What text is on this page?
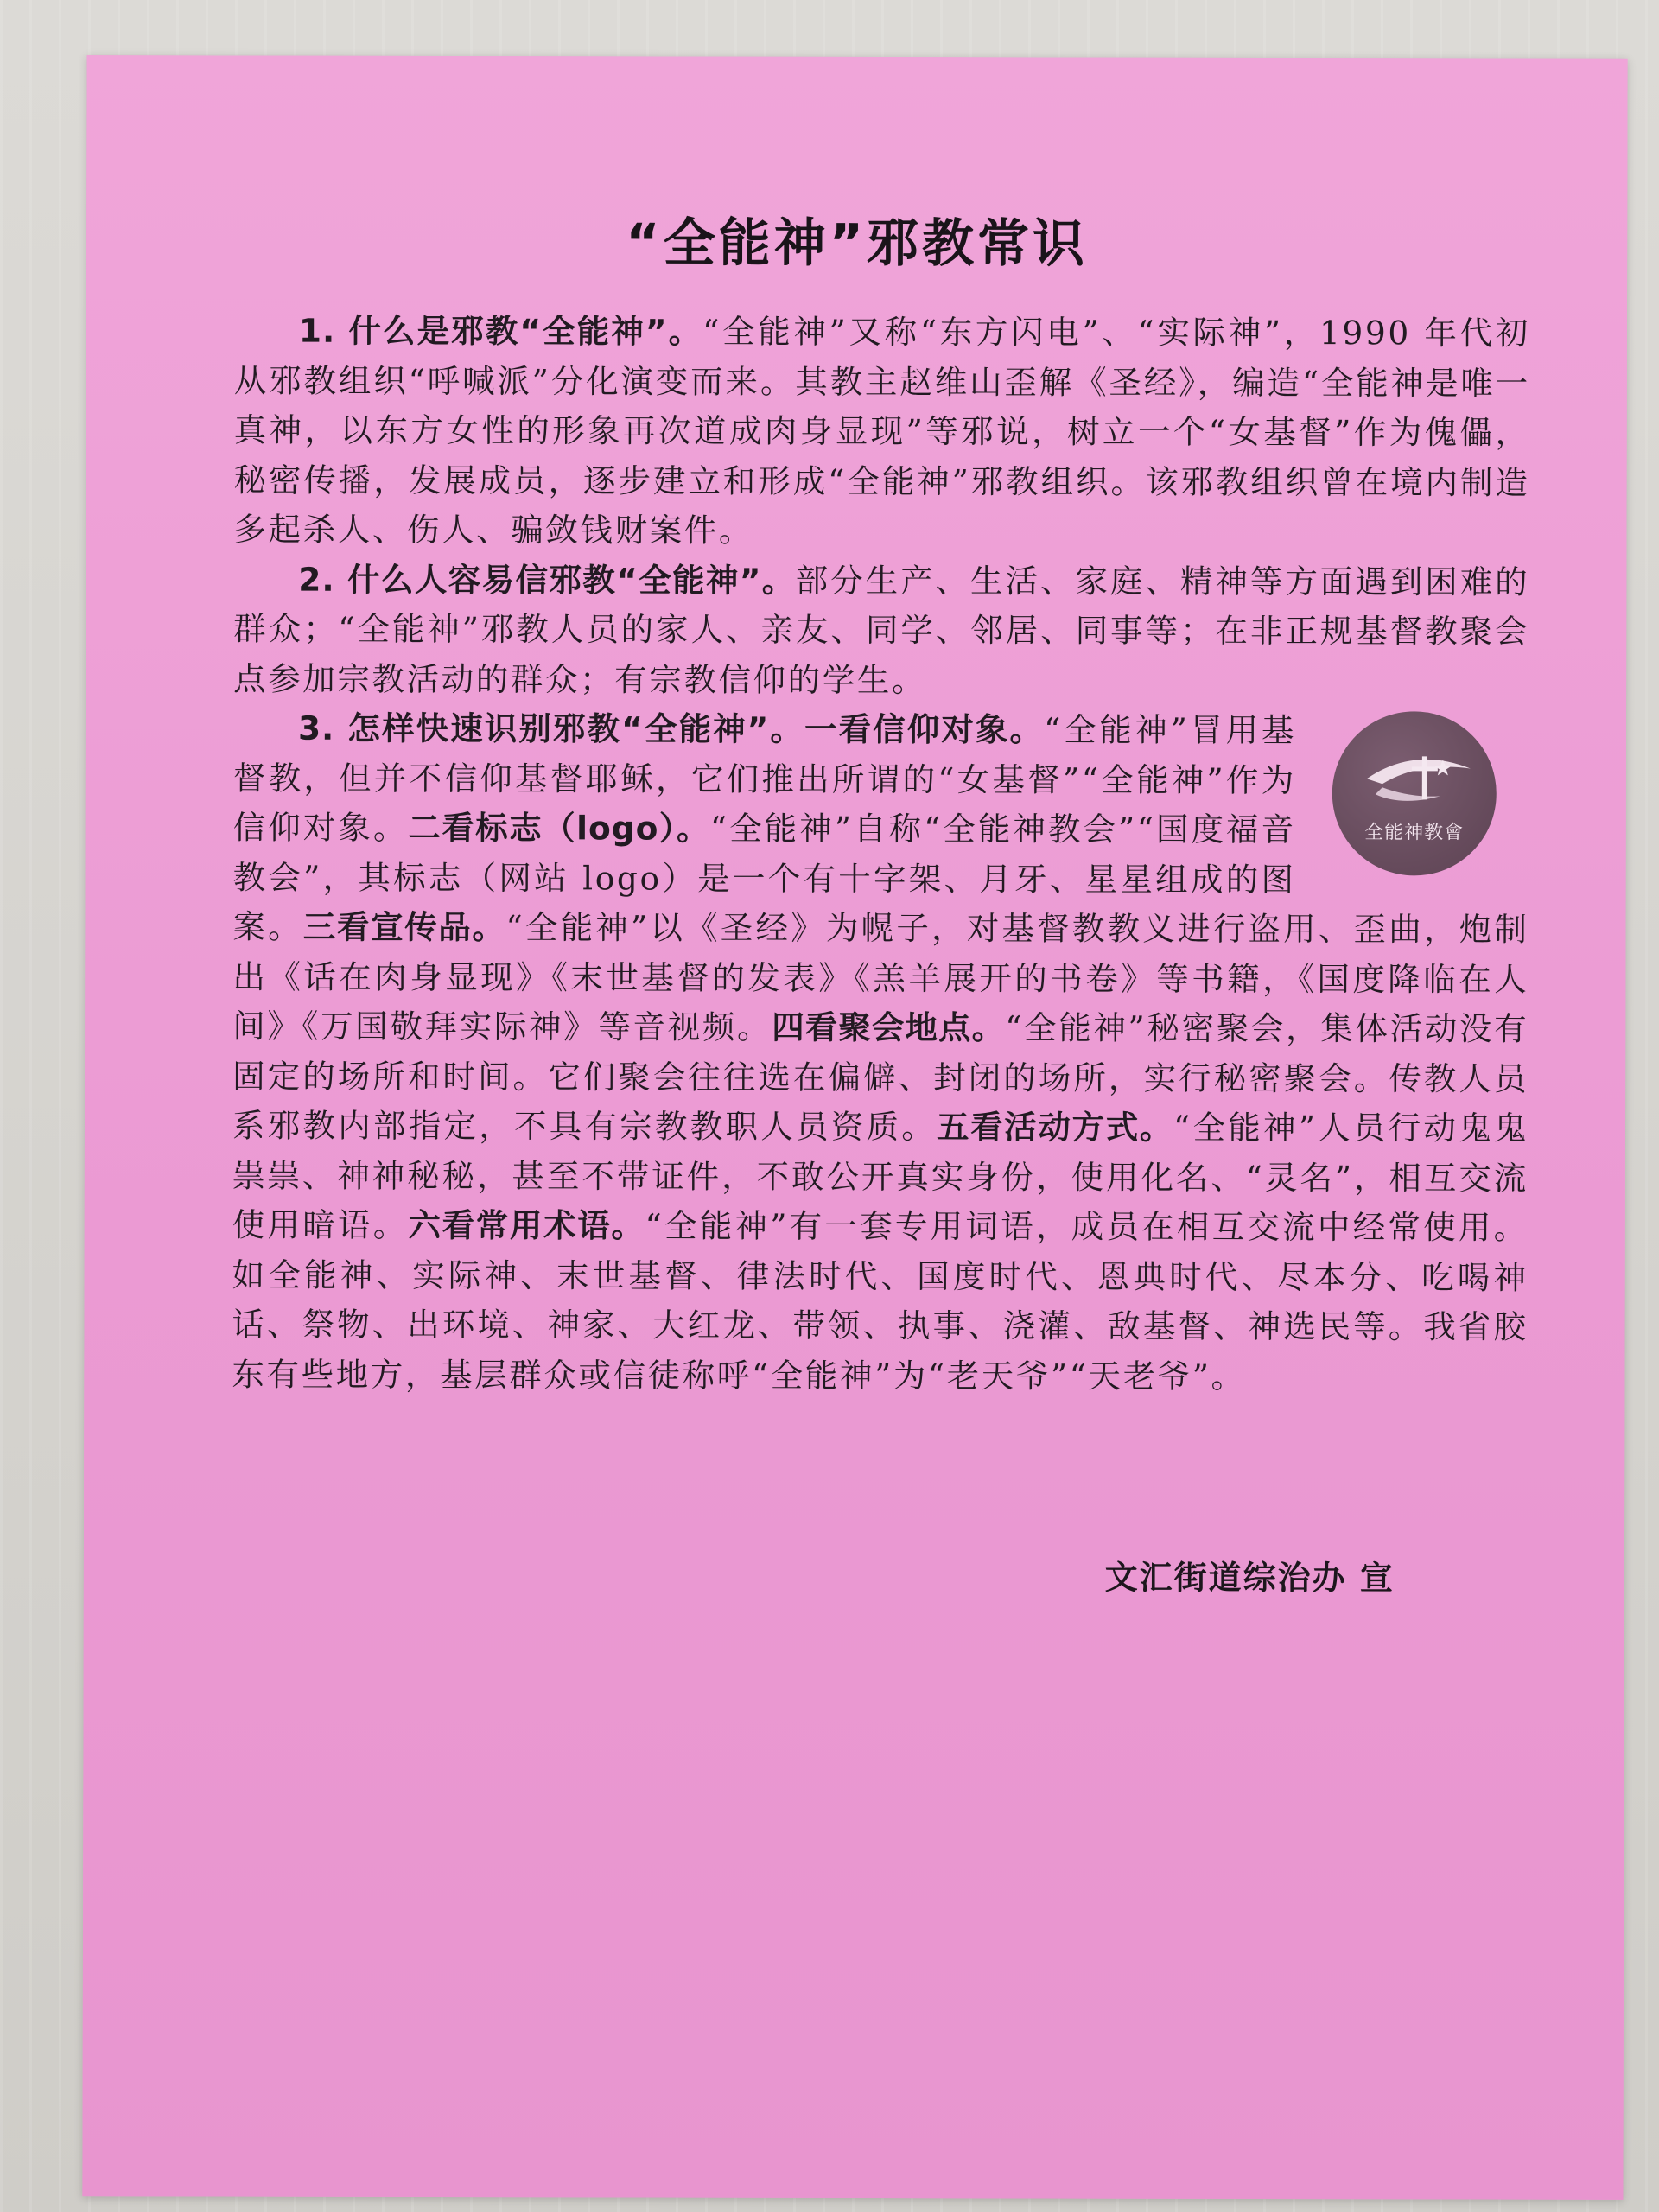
“全能神”邪教常识

1. 什么是邪教“全能神”。“全能神”又称“东方闪电”、“实际神”，1990 年代初从邪教组织“呼喊派”分化演变而来。其教主赵维山歪解《圣经》，编造“全能神是唯一真神，以东方女性的形象再次道成肉身显现”等邪说，树立一个“女基督”作为傀儡，秘密传播，发展成员，逐步建立和形成“全能神”邪教组织。该邪教组织曾在境内制造多起杀人、伤人、骗敛钱财案件。

2. 什么人容易信邪教“全能神”。部分生产、生活、家庭、精神等方面遇到困难的群众；“全能神”邪教人员的家人、亲友、同学、邻居、同事等；在非正规基督教聚会点参加宗教活动的群众；有宗教信仰的学生。

全能神教會

3. 怎样快速识别邪教“全能神”。一看信仰对象。“全能神”冒用基督教，但并不信仰基督耶稣，它们推出所谓的“女基督”“全能神”作为信仰对象。二看标志（logo）。“全能神”自称“全能神教会”“国度福音教会”，其标志（网站 logo）是一个有十字架、月牙、星星组成的图案。三看宣传品。“全能神”以《圣经》为幌子，对基督教教义进行盗用、歪曲，炮制出《话在肉身显现》《末世基督的发表》《羔羊展开的书卷》等书籍，《国度降临在人间》《万国敬拜实际神》等音视频。四看聚会地点。“全能神”秘密聚会，集体活动没有固定的场所和时间。它们聚会往往选在偏僻、封闭的场所，实行秘密聚会。传教人员系邪教内部指定，不具有宗教教职人员资质。五看活动方式。“全能神”人员行动鬼鬼祟祟、神神秘秘，甚至不带证件，不敢公开真实身份，使用化名、“灵名”，相互交流使用暗语。六看常用术语。“全能神”有一套专用词语，成员在相互交流中经常使用。如全能神、实际神、末世基督、律法时代、国度时代、恩典时代、尽本分、吃喝神话、祭物、出环境、神家、大红龙、带领、执事、浇灌、敌基督、神选民等。我省胶东有些地方，基层群众或信徒称呼“全能神”为“老天爷”“天老爷”。

文汇街道综治办 宣
